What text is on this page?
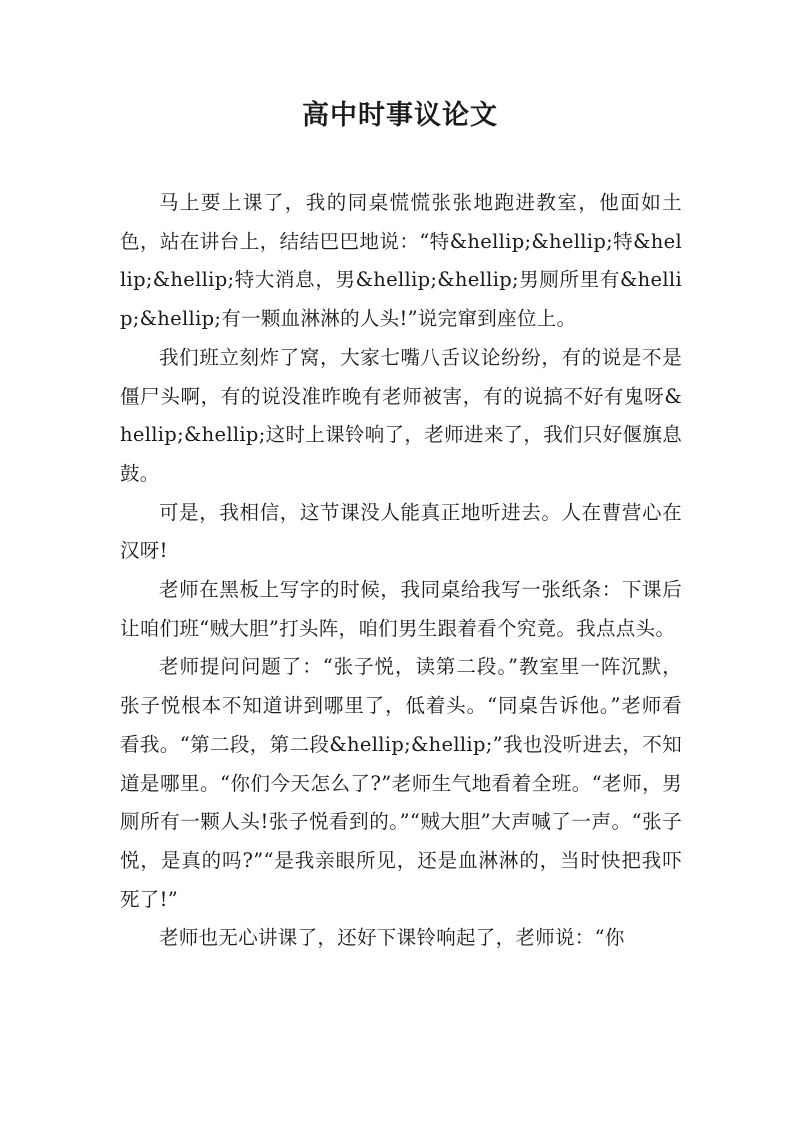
高中时事议论文

马上要上课了，我的同桌慌慌张张地跑进教室，他面如土色，站在讲台上，结结巴巴地说：“特&hellip;&hellip;特&hellip;&hellip;特大消息，男&hellip;&hellip;男厕所里有&hellip;&hellip;有一颗血淋淋的人头!”说完窜到座位上。

我们班立刻炸了窝，大家七嘴八舌议论纷纷，有的说是不是僵尸头啊，有的说没准昨晚有老师被害，有的说搞不好有鬼呀&hellip;&hellip;这时上课铃响了，老师进来了，我们只好偃旗息鼓。

可是，我相信，这节课没人能真正地听进去。人在曹营心在汉呀!

老师在黑板上写字的时候，我同桌给我写一张纸条：下课后让咱们班“贼大胆”打头阵，咱们男生跟着看个究竟。我点点头。

老师提问问题了：“张子悦，读第二段。”教室里一阵沉默，张子悦根本不知道讲到哪里了，低着头。“同桌告诉他。”老师看看我。“第二段，第二段&hellip;&hellip;”我也没听进去，不知道是哪里。“你们今天怎么了?”老师生气地看着全班。“老师，男厕所有一颗人头!张子悦看到的。”“贼大胆”大声喊了一声。“张子悦，是真的吗?”“是我亲眼所见，还是血淋淋的，当时快把我吓死了!”

老师也无心讲课了，还好下课铃响起了，老师说：“你
